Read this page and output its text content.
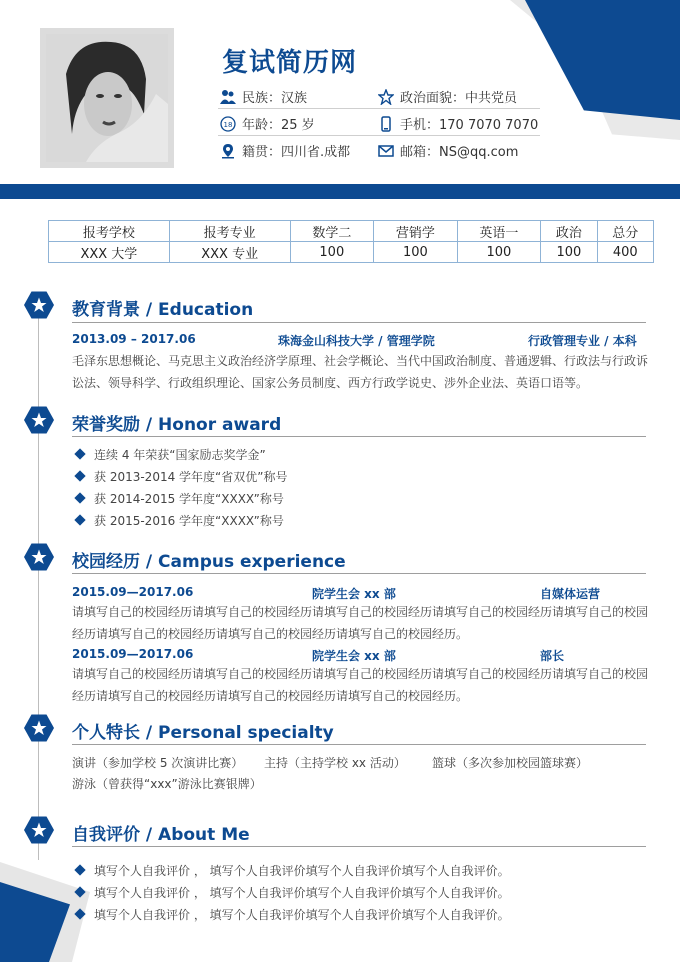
复试简历网
民族：汉族	政治面貌：中共党员
18 年龄：25 岁	手机：170 7070 7070
籍贯：四川省.成都	邮箱：NS@qq.com
报考学校	报考专业	数学二	营销学	英语一	政治	总分
XXX 大学	XXX 专业	100	100	100	100	400
教育背景 / Education
2013.09 – 2017.06	珠海金山科技大学 / 管理学院	行政管理专业 / 本科
毛泽东思想概论、马克思主义政治经济学原理、社会学概论、当代中国政治制度、普通逻辑、行政法与行政诉讼法、领导科学、行政组织理论、国家公务员制度、西方行政学说史、涉外企业法、英语口语等。
荣誉奖励 / Honor award
连续 4 年荣获“国家励志奖学金”
获 2013-2014 学年度“省双优”称号
获 2014-2015 学年度“XXXX”称号
获 2015-2016 学年度“XXXX”称号
校园经历 / Campus experience
2015.09—2017.06	院学生会 xx 部	自媒体运营
请填写自己的校园经历请填写自己的校园经历请填写自己的校园经历请填写自己的校园经历请填写自己的校园经历请填写自己的校园经历请填写自己的校园经历请填写自己的校园经历。
2015.09—2017.06	院学生会 xx 部	部长
请填写自己的校园经历请填写自己的校园经历请填写自己的校园经历请填写自己的校园经历请填写自己的校园经历请填写自己的校园经历请填写自己的校园经历请填写自己的校园经历。
个人特长 / Personal specialty
演讲（参加学校 5 次演讲比赛） 主持（主持学校 xx 活动） 篮球（多次参加校园篮球赛）
游泳（曾获得“xxx”游泳比赛银牌）
自我评价 / About Me
填写个人自我评价 ， 填写个人自我评价填写个人自我评价填写个人自我评价。
填写个人自我评价 ， 填写个人自我评价填写个人自我评价填写个人自我评价。
填写个人自我评价 ， 填写个人自我评价填写个人自我评价填写个人自我评价。
